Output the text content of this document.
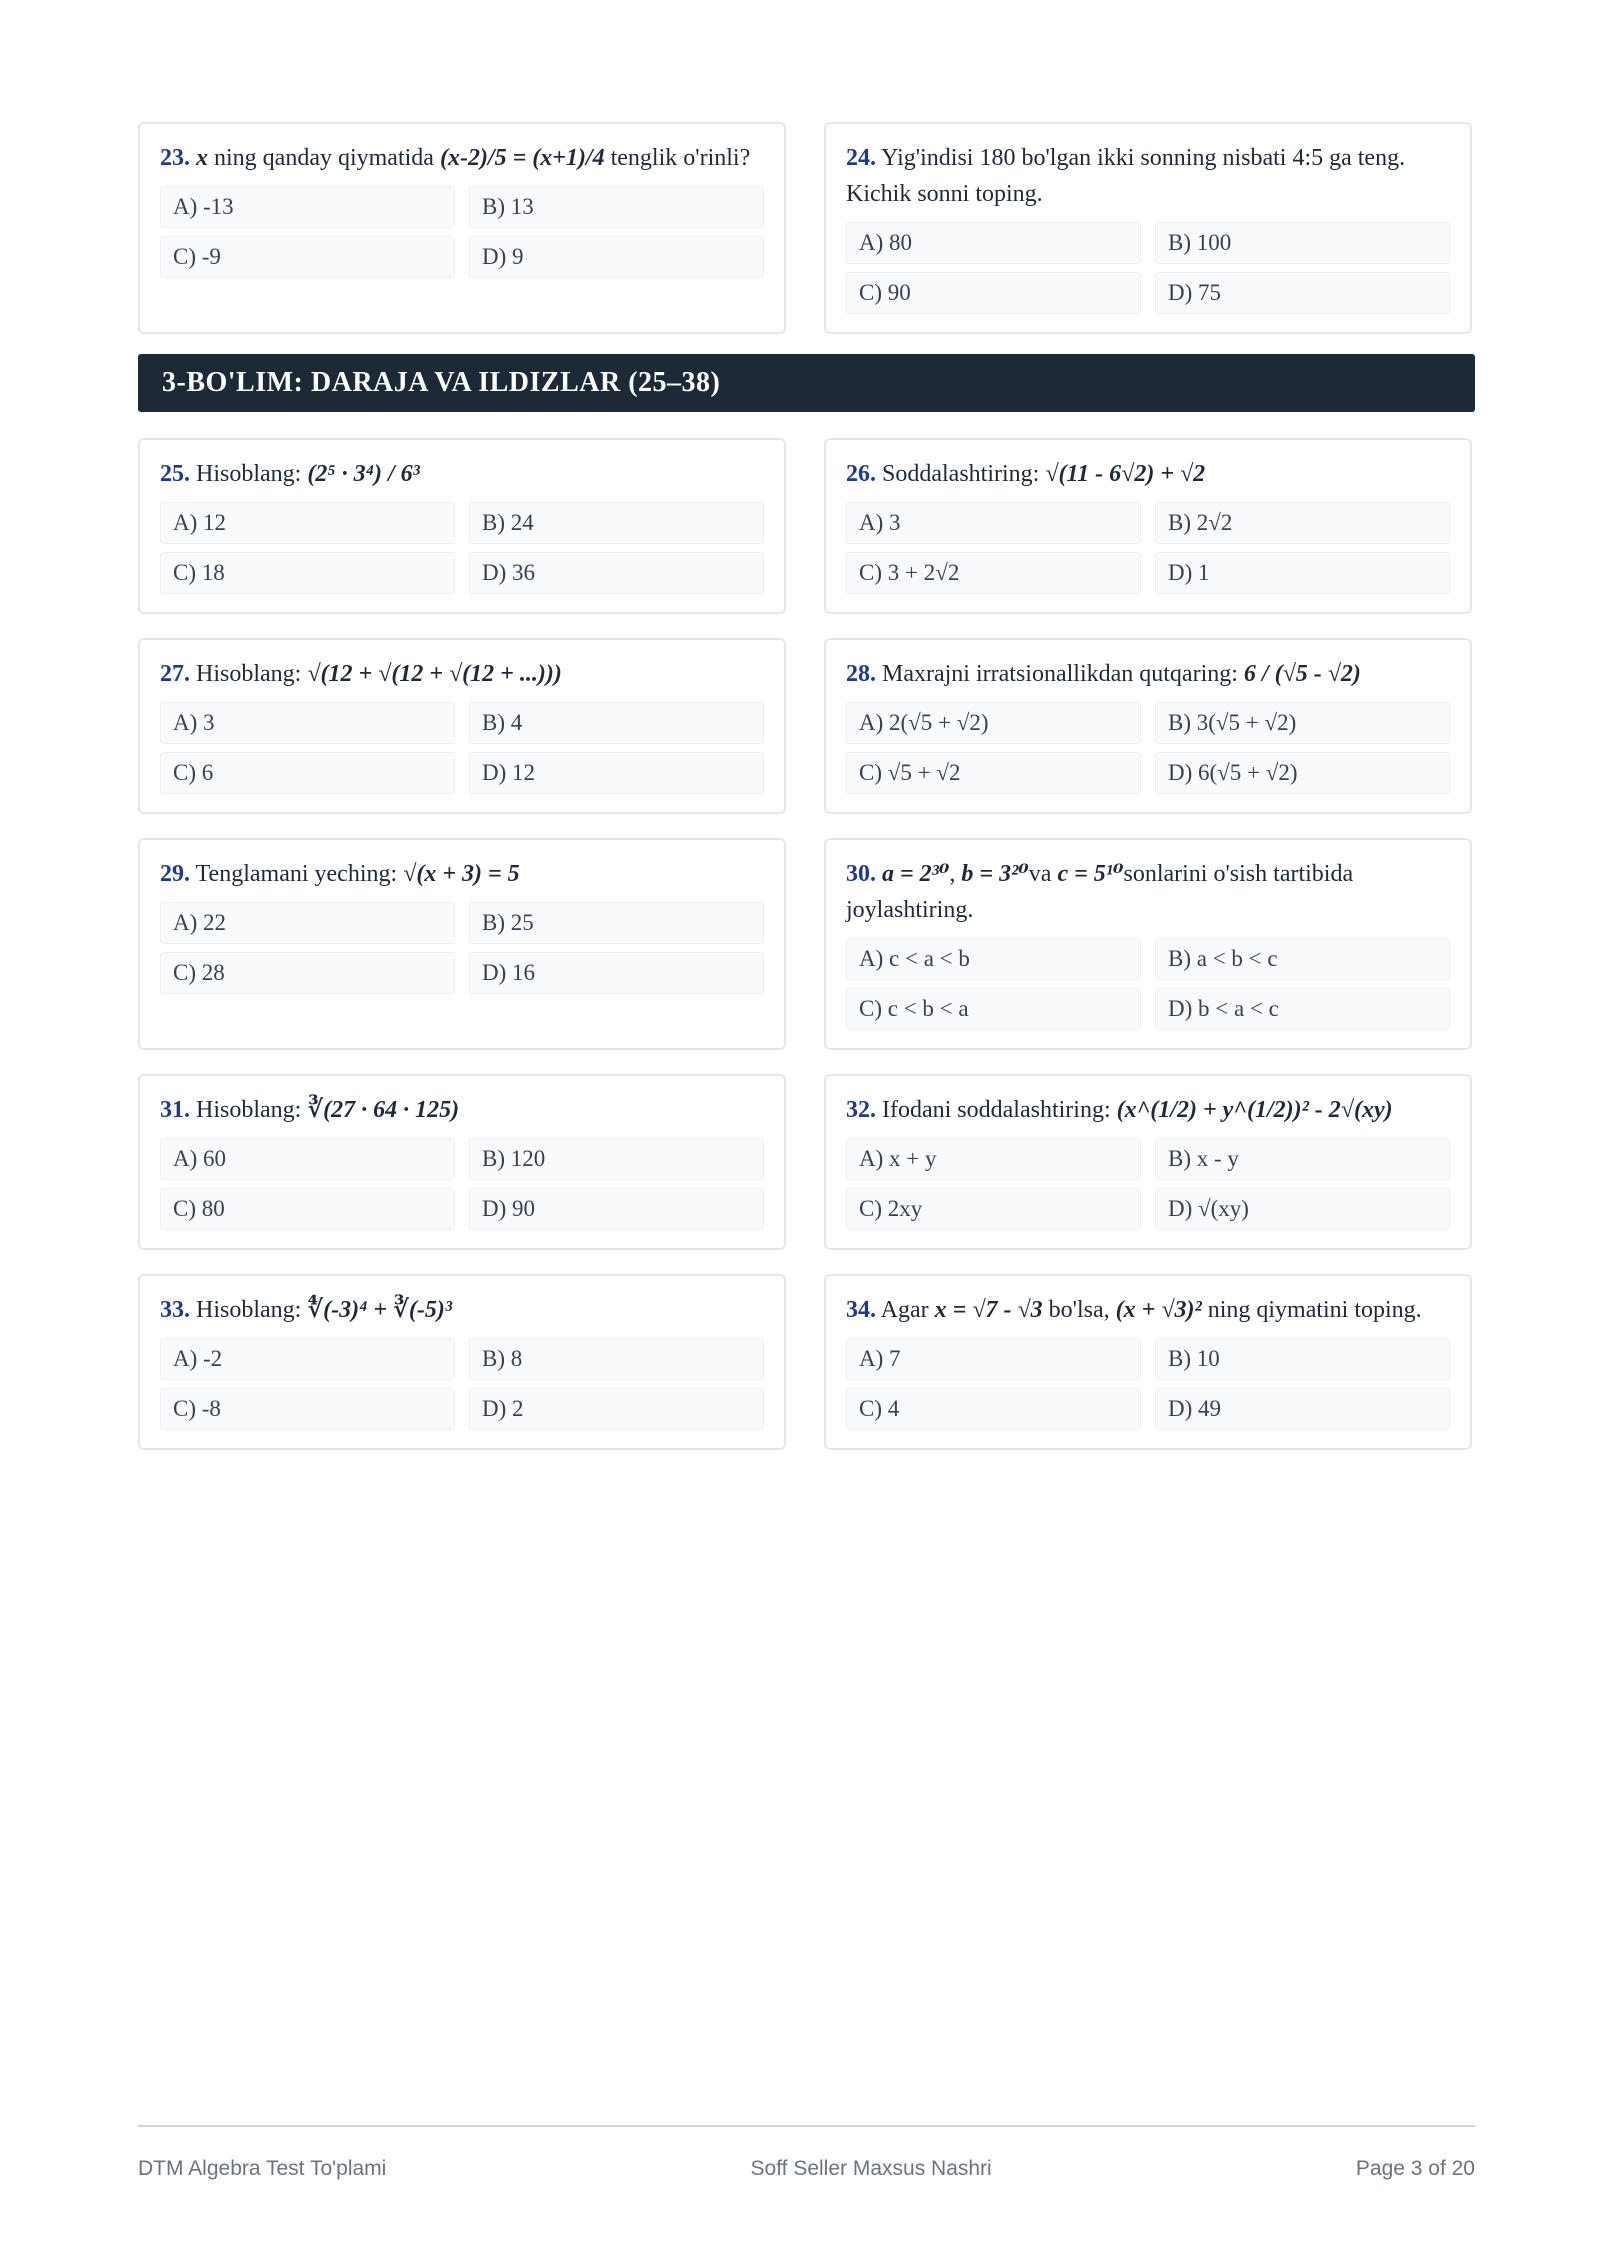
23. x ning qanday qiymatida (x-2)/5 = (x+1)/4 tenglik o'rinli?

A) -13	B) 13
C) -9	D) 9

24. Yig'indisi 180 bo'lgan ikki sonning nisbati 4:5 ga teng. Kichik sonni toping.

A) 80	B) 100
C) 90	D) 75
3-BO'LIM: DARAJA VA ILDIZLAR (25–38)

25. Hisoblang: (2⁵ · 3⁴) / 6³

A) 12	B) 24
C) 18	D) 36

26. Soddalashtiring: √(11 - 6√2) + √2

A) 3	B) 2√2
C) 3 + 2√2	D) 1

27. Hisoblang: √(12 + √(12 + √(12 + ...)))

A) 3	B) 4
C) 6	D) 12

28. Maxrajni irratsionallikdan qutqaring: 6 / (√5 - √2)

A) 2(√5 + √2)	B) 3(√5 + √2)
C) √5 + √2	D) 6(√5 + √2)

29. Tenglamani yeching: √(x + 3) = 5

A) 22	B) 25
C) 28	D) 16

30. a = 2³⁰, b = 3²⁰va c = 5¹⁰sonlarini o'sish tartibida joylashtiring.

A) c < a < b	B) a < b < c
C) c < b < a	D) b < a < c

31. Hisoblang: ∛(27 · 64 · 125)

A) 60	B) 120
C) 80	D) 90

32. Ifodani soddalashtiring: (x^(1/2) + y^(1/2))² - 2√(xy)

A) x + y	B) x - y
C) 2xy	D) √(xy)

33. Hisoblang: ∜(-3)⁴ + ∛(-5)³

A) -2	B) 8
C) -8	D) 2

34. Agar x = √7 - √3 bo'lsa, (x + √3)² ning qiymatini toping.

A) 7	B) 10
C) 4	D) 49
DTM Algebra Test To'plami	Soff Seller Maxsus Nashri	Page 3 of 20
